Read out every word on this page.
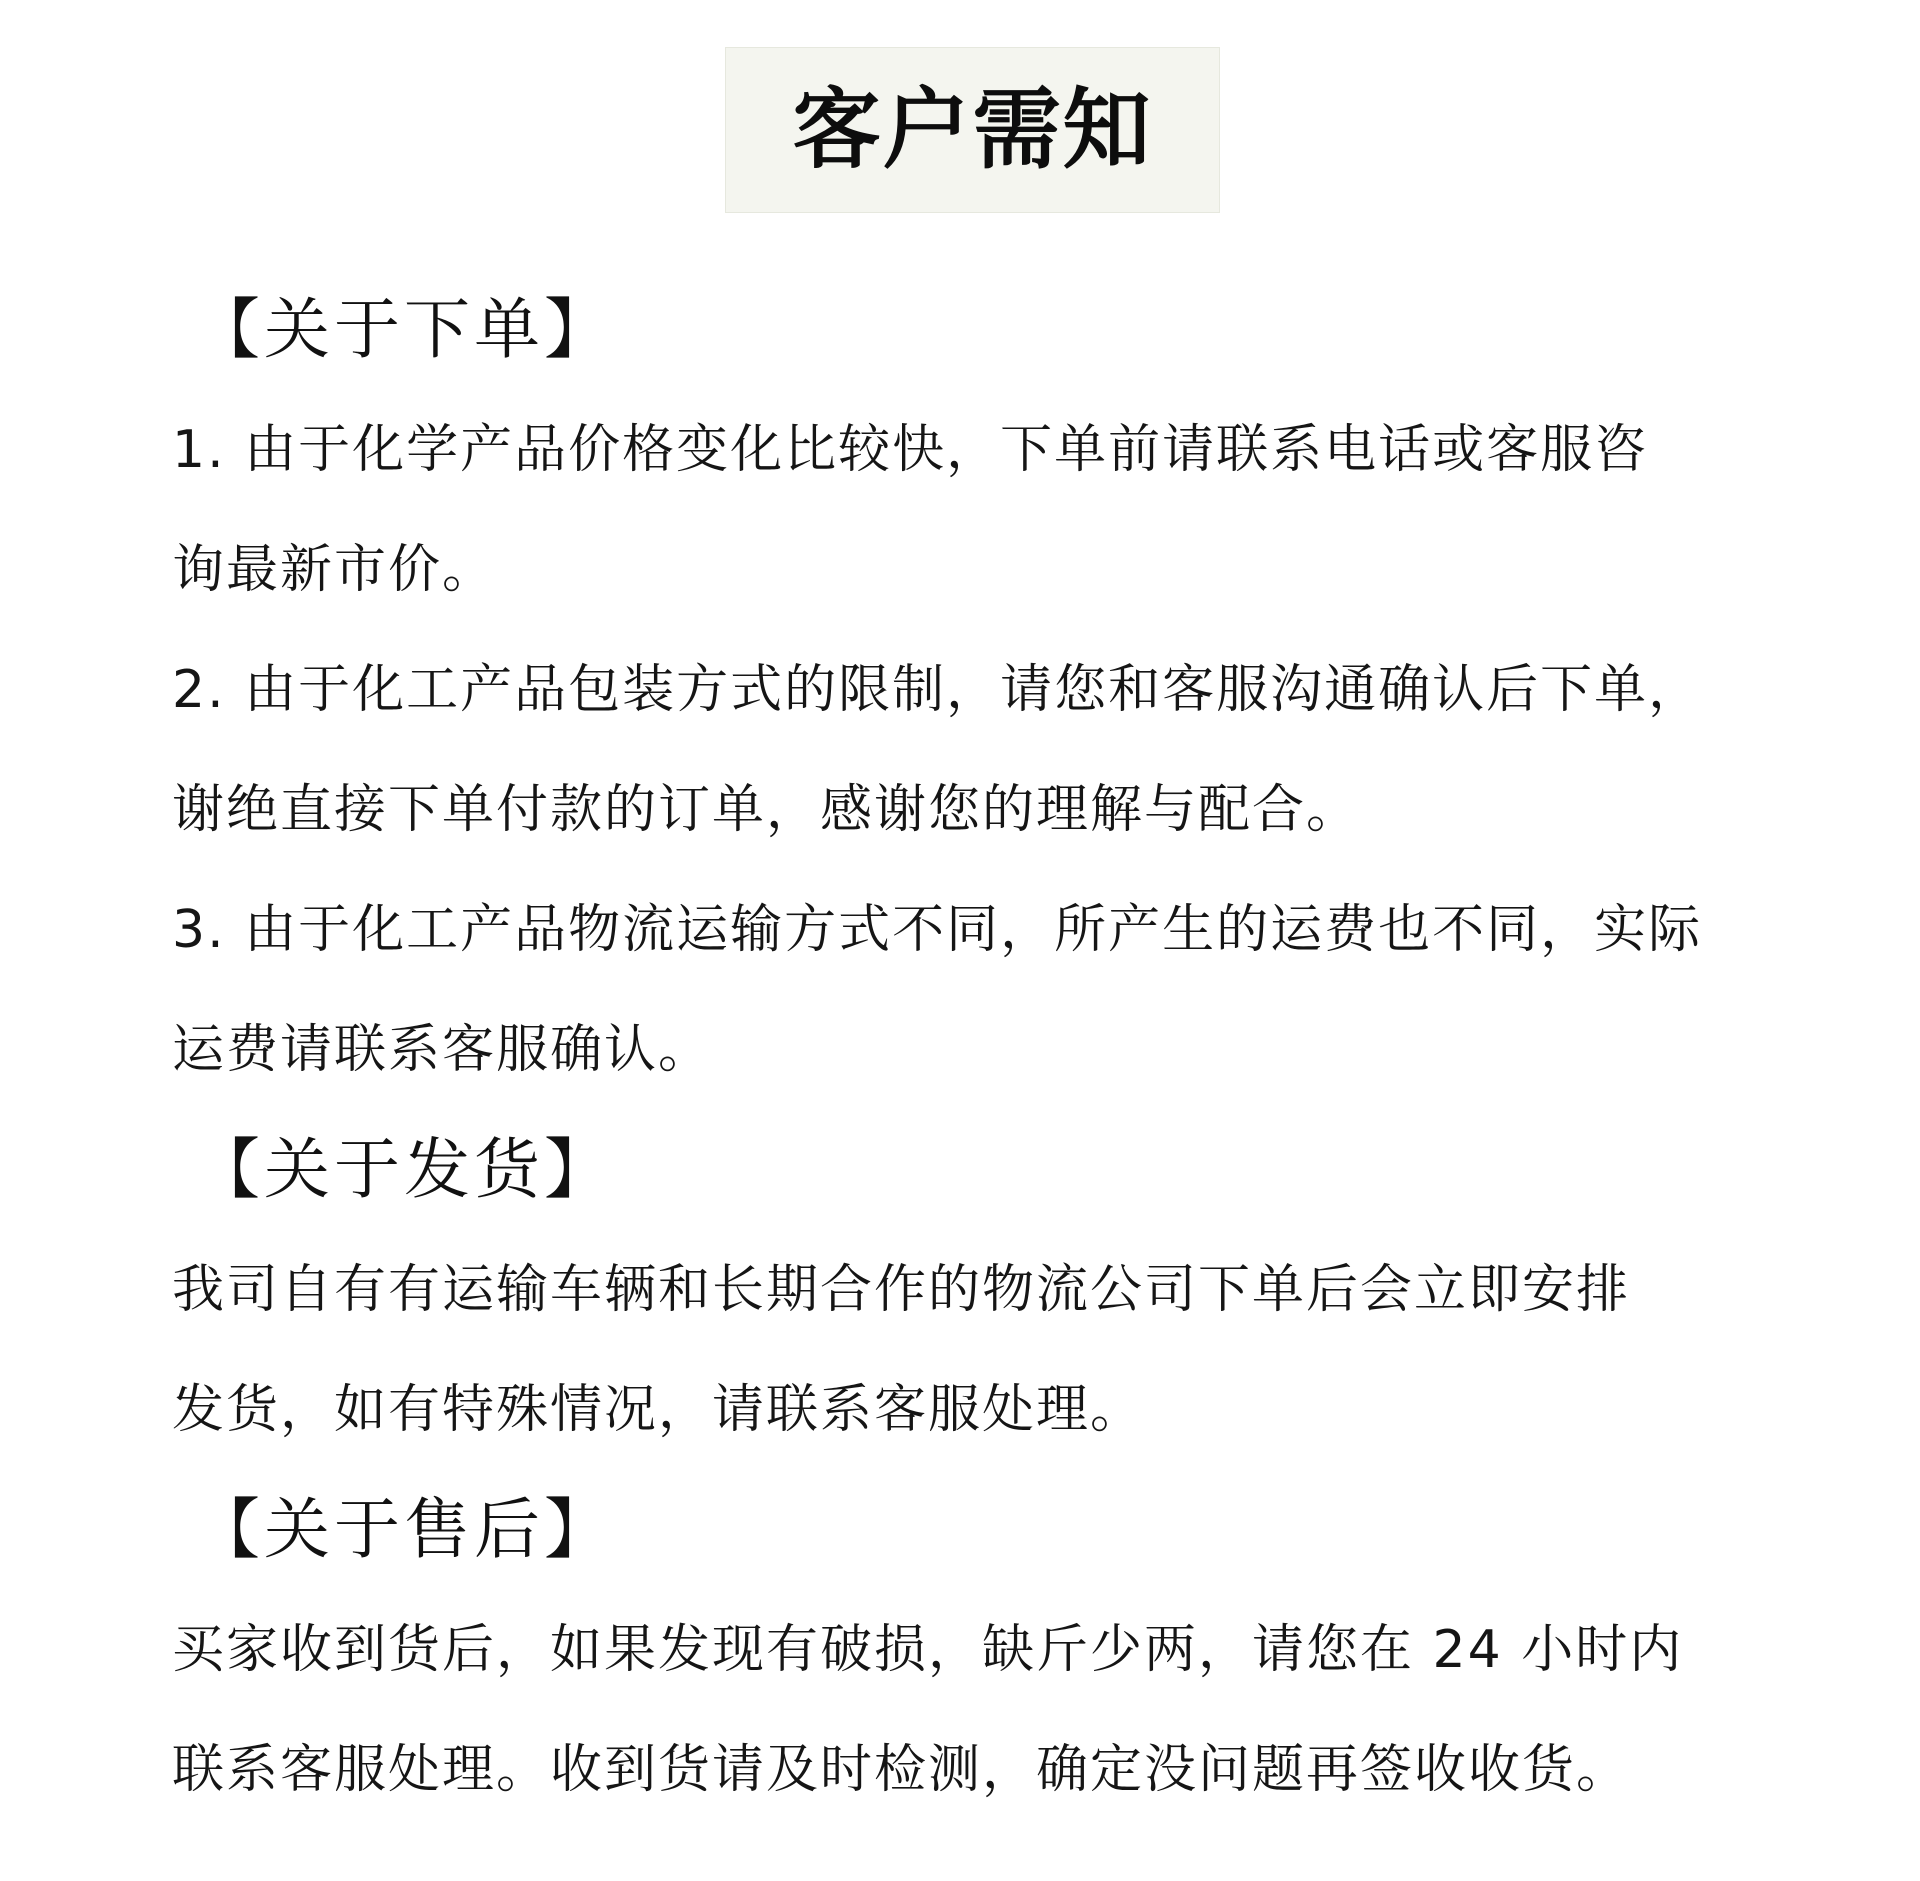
客户需知
【关于下单】
1. 由于化学产品价格变化比较快，下单前请联系电话或客服咨
询最新市价。
2. 由于化工产品包装方式的限制，请您和客服沟通确认后下单，
谢绝直接下单付款的订单，感谢您的理解与配合。
3. 由于化工产品物流运输方式不同，所产生的运费也不同，实际
运费请联系客服确认。
【关于发货】
我司自有有运输车辆和长期合作的物流公司下单后会立即安排
发货，如有特殊情况，请联系客服处理。
【关于售后】
买家收到货后，如果发现有破损，缺斤少两，请您在 24 小时内
联系客服处理。收到货请及时检测，确定没问题再签收收货。
